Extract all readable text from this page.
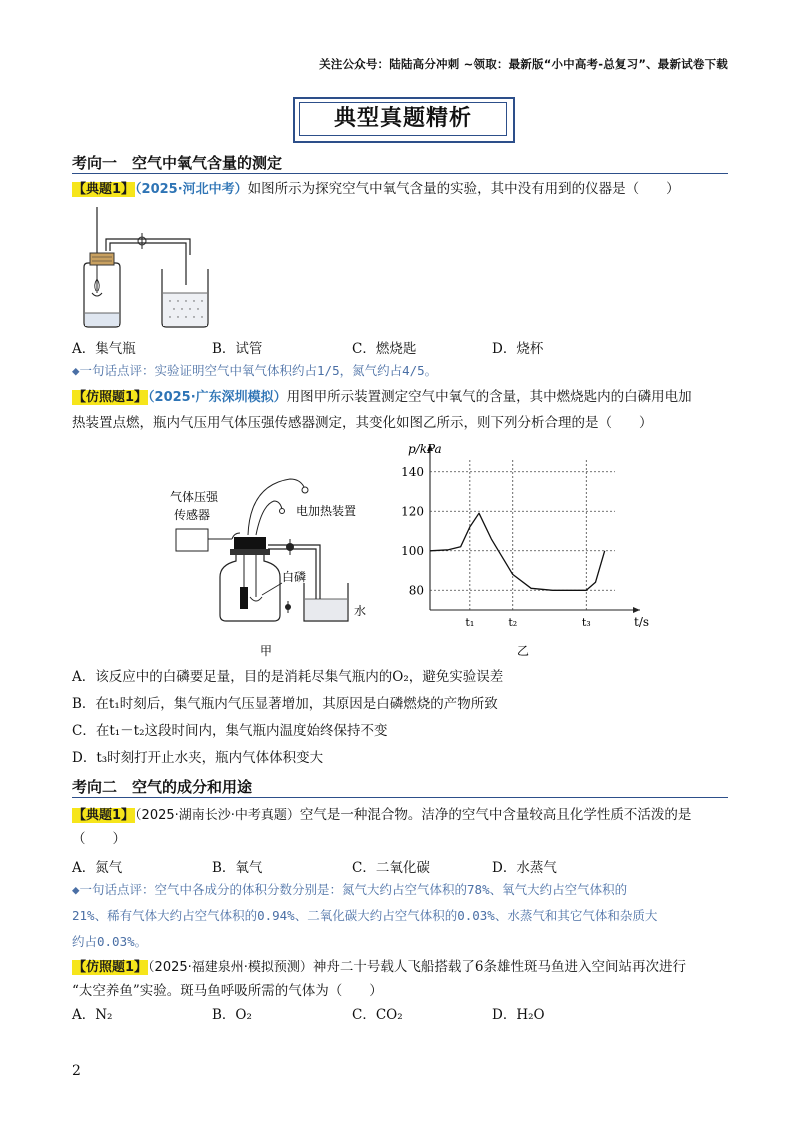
关注公众号：陆陆高分冲刺 ~领取：最新版“小中高考-总复习”、最新试卷下载
典型真题精析
考向一　空气中氧气含量的测定
【典题1】（2025·河北中考）如图所示为探究空气中氧气含量的实验，其中没有用到的仪器是（　　）
A．集气瓶	B．试管	C．燃烧匙	D．烧杯
◆一句话点评：实验证明空气中氧气体积约占1/5，氮气约占4/5。
【仿照题1】（2025·广东深圳模拟）用图甲所示装置测定空气中氧气的含量，其中燃烧匙内的白磷用电加
热装置点燃，瓶内气压用气体压强传感器测定，其变化如图乙所示，则下列分析合理的是（　　）
气体压强
传感器	电加热装置
白磷
水
甲
p/kPa
t/s
80
100
120
140
t₁	t₂	t₃
乙
A．该反应中的白磷要足量，目的是消耗尽集气瓶内的O₂，避免实验误差
B．在t₁时刻后，集气瓶内气压显著增加，其原因是白磷燃烧的产物所致
C．在t₁－t₂这段时间内，集气瓶内温度始终保持不变
D．t₃时刻打开止水夹，瓶内气体体积变大
考向二　空气的成分和用途
【典题1】（2025·湖南长沙·中考真题）空气是一种混合物。洁净的空气中含量较高且化学性质不活泼的是
（　　）
A．氮气	B．氧气	C．二氧化碳	D．水蒸气
◆一句话点评：空气中各成分的体积分数分别是：氮气大约占空气体积的78%、氧气大约占空气体积的
21%、稀有气体大约占空气体积的0.94%、二氧化碳大约占空气体积的0.03%、水蒸气和其它气体和杂质大
约占0.03%。
【仿照题1】（2025·福建泉州·模拟预测）神舟二十号载人飞船搭载了6条雄性斑马鱼进入空间站再次进行
“太空养鱼”实验。斑马鱼呼吸所需的气体为（　　）
A．N₂	B．O₂	C．CO₂	D．H₂O
2
